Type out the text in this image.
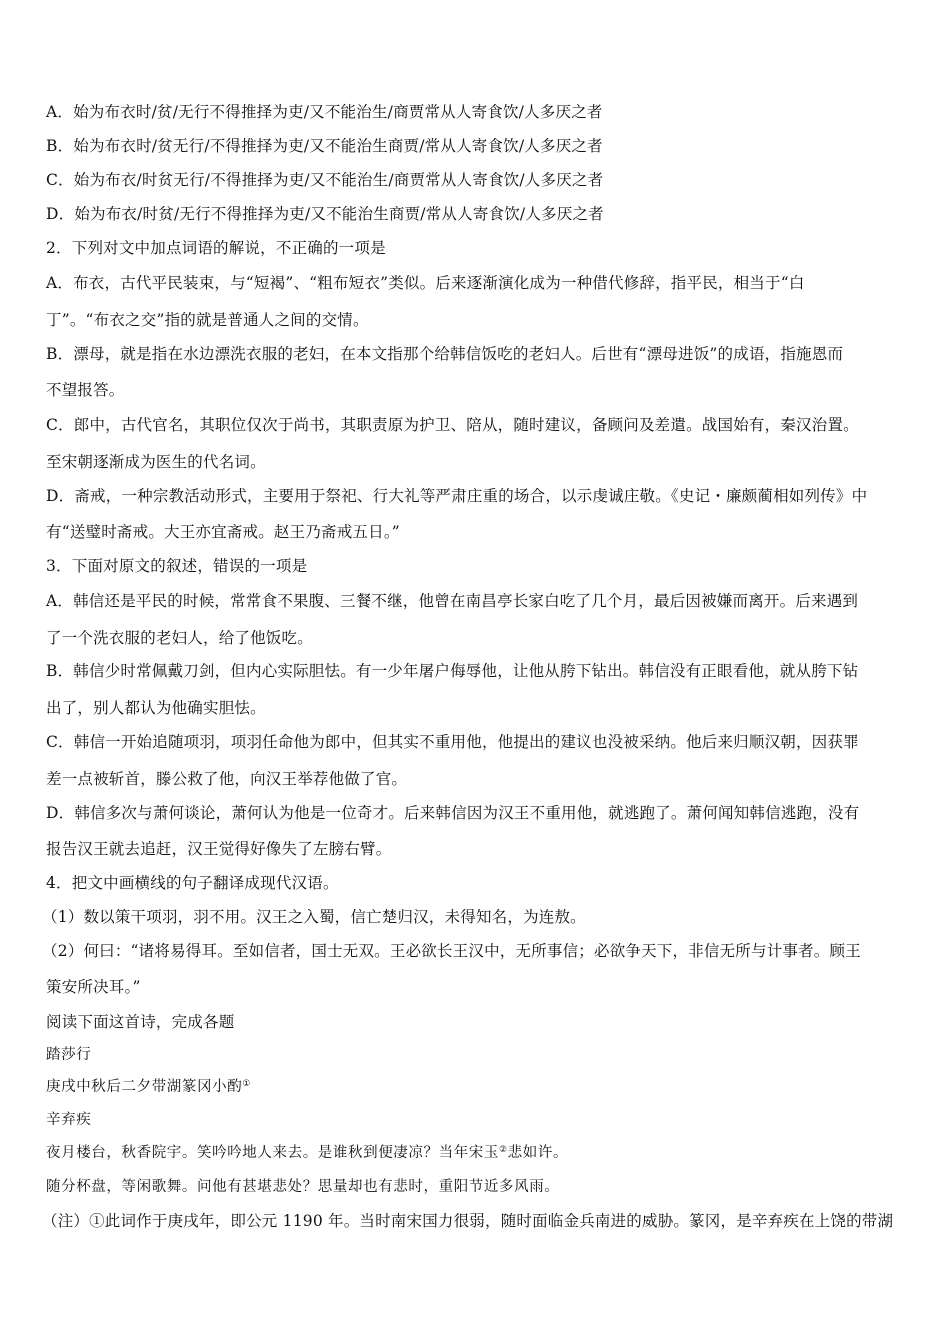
A．始为布衣时/贫/无行不得推择为吏/又不能治生/商贾常从人寄食饮/人多厌之者
B．始为布衣时/贫无行/不得推择为吏/又不能治生商贾/常从人寄食饮/人多厌之者
C．始为布衣/时贫无行/不得推择为吏/又不能治生/商贾常从人寄食饮/人多厌之者
D．始为布衣/时贫/无行不得推择为吏/又不能治生商贾/常从人寄食饮/人多厌之者
2．下列对文中加点词语的解说，不正确的一项是
A．布衣，古代平民装束，与“短褐”、“粗布短衣”类似。后来逐渐演化成为一种借代修辞，指平民，相当于“白
丁”。“布衣之交”指的就是普通人之间的交情。
B．漂母，就是指在水边漂洗衣服的老妇，在本文指那个给韩信饭吃的老妇人。后世有“漂母进饭”的成语，指施恩而
不望报答。
C．郎中，古代官名，其职位仅次于尚书，其职责原为护卫、陪从，随时建议，备顾问及差遣。战国始有，秦汉治置。
至宋朝逐渐成为医生的代名词。
D．斋戒，一种宗教活动形式，主要用于祭祀、行大礼等严肃庄重的场合，以示虔诚庄敬。《史记・廉颇蔺相如列传》中
有“送璧时斋戒。大王亦宜斋戒。赵王乃斋戒五日。”
3．下面对原文的叙述，错误的一项是
A．韩信还是平民的时候，常常食不果腹、三餐不继，他曾在南昌亭长家白吃了几个月，最后因被嫌而离开。后来遇到
了一个洗衣服的老妇人，给了他饭吃。
B．韩信少时常佩戴刀剑，但内心实际胆怯。有一少年屠户侮辱他，让他从胯下钻出。韩信没有正眼看他，就从胯下钻
出了，别人都认为他确实胆怯。
C．韩信一开始追随项羽，项羽任命他为郎中，但其实不重用他，他提出的建议也没被采纳。他后来归顺汉朝，因获罪
差一点被斩首，滕公救了他，向汉王举荐他做了官。
D．韩信多次与萧何谈论，萧何认为他是一位奇才。后来韩信因为汉王不重用他，就逃跑了。萧何闻知韩信逃跑，没有
报告汉王就去追赶，汉王觉得好像失了左膀右臂。
4．把文中画横线的句子翻译成现代汉语。
（1）数以策干项羽，羽不用。汉王之入蜀，信亡楚归汉，未得知名，为连敖。
（2）何曰：“诸将易得耳。至如信者，国士无双。王必欲长王汉中，无所事信；必欲争天下，非信无所与计事者。顾王
策安所决耳。”
阅读下面这首诗，完成各题
踏莎行
庚戌中秋后二夕带湖篆冈小酌①
辛弃疾
夜月楼台，秋香院宇。笑吟吟地人来去。是谁秋到便凄凉？当年宋玉②悲如许。
随分杯盘，等闲歌舞。问他有甚堪悲处？思量却也有悲时，重阳节近多风雨。
（注）①此词作于庚戌年，即公元 1190 年。当时南宋国力很弱，随时面临金兵南进的威胁。篆冈，是辛弃疾在上饶的带湖
